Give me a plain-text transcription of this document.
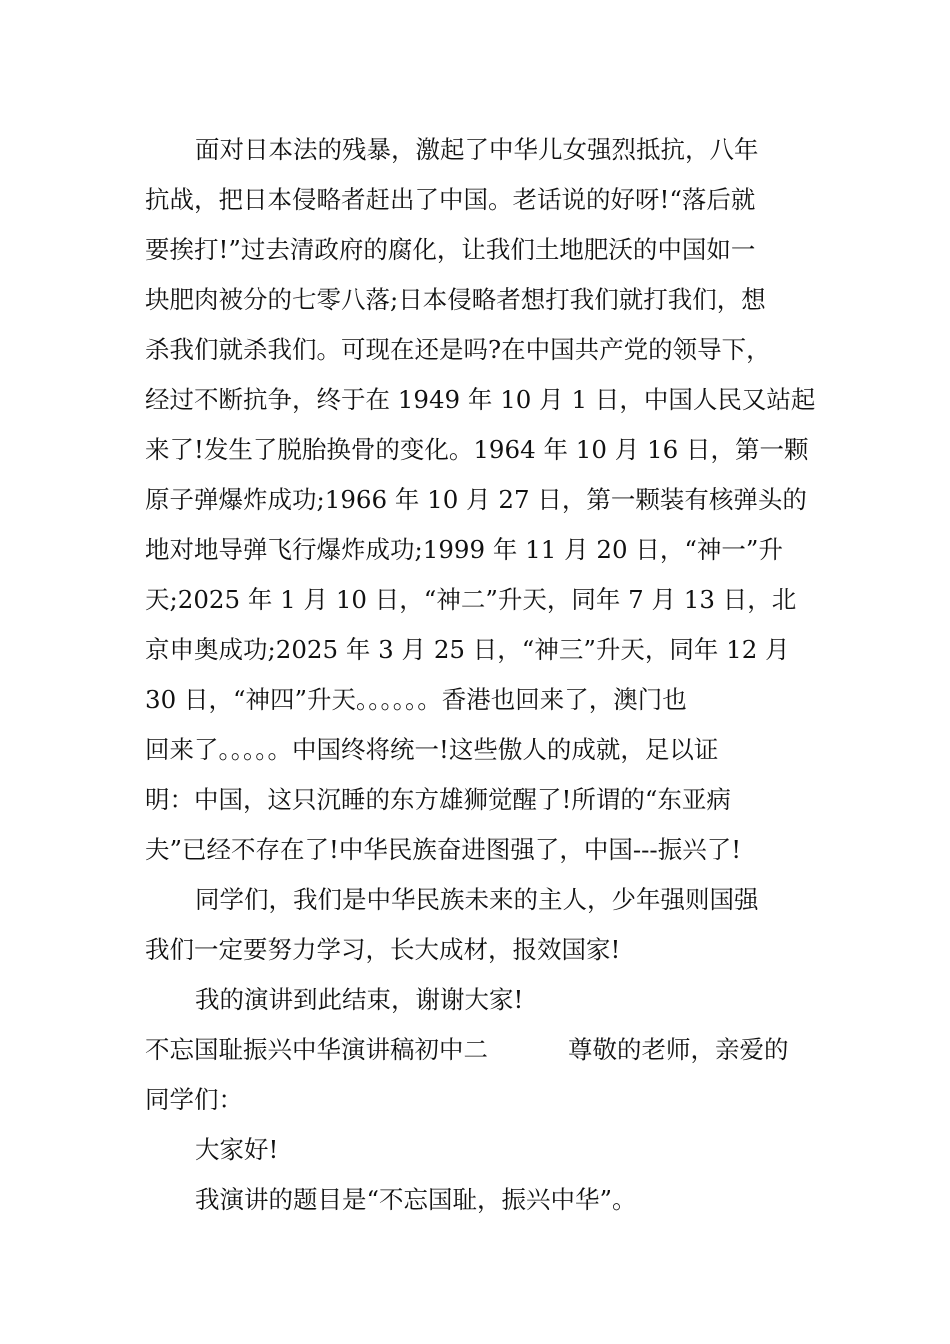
面对日本法的残暴，激起了中华儿女强烈抵抗，八年
抗战，把日本侵略者赶出了中国。老话说的好呀!“落后就
要挨打!”过去清政府的腐化，让我们土地肥沃的中国如一
块肥肉被分的七零八落;日本侵略者想打我们就打我们，想
杀我们就杀我们。可现在还是吗?在中国共产党的领导下，
经过不断抗争，终于在 1949 年 10 月 1 日，中国人民又站起
来了!发生了脱胎换骨的变化。1964 年 10 月 16 日，第一颗
原子弹爆炸成功;1966 年 10 月 27 日，第一颗装有核弹头的
地对地导弹飞行爆炸成功;1999 年 11 月 20 日，“神一”升
天;2025 年 1 月 10 日，“神二”升天，同年 7 月 13 日，北
京申奥成功;2025 年 3 月 25 日，“神三”升天，同年 12 月
30 日，“神四”升天。。。。。。香港也回来了，澳门也
回来了。。。。。中国终将统一!这些傲人的成就，足以证
明：中国，这只沉睡的东方雄狮觉醒了!所谓的“东亚病
夫”已经不存在了!中华民族奋进图强了，中国---振兴了!
同学们，我们是中华民族未来的主人，少年强则国强
我们一定要努力学习，长大成材，报效国家!
我的演讲到此结束，谢谢大家!
不忘国耻振兴中华演讲稿初中二	尊敬的老师，亲爱的
同学们：
大家好!
我演讲的题目是“不忘国耻，振兴中华”。
